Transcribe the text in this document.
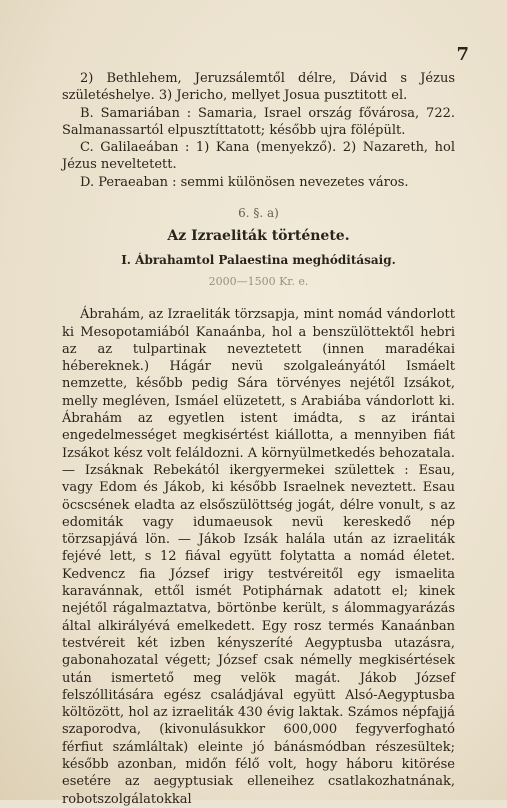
7

2) Bethlehem, Jeruzsálemtől délre, Dávid s Jézus születéshelye. 3) Jericho, mellyet Josua pusztitott el.

B. Samariában : Samaria, Israel ország fővárosa, 722. Salmanassartól elpusztíttatott; később ujra fölépült.

C. Galilaeában : 1) Kana (menyekző). 2) Nazareth, hol Jézus neveltetett.

D. Peraeaban : semmi különösen nevezetes város.

6. §. a)
Az Izraeliták története.
I. Ábrahamtol Palaestina meghóditásaig.
2000—1500 Kr. e.

Ábrahám, az Izraeliták törzsapja, mint nomád vándorlott ki Mesopotamiából Kanaánba, hol a benszülöttektől hebri az az tulpartinak neveztetett (innen maradékai hébereknek.) Hágár nevü szolgaleányától Ismáelt nemzette, később pedig Sára törvényes nejétől Izsákot, melly megléven, Ismáel elüzetett, s Arabiába vándorlott ki. Ábrahám az egyetlen istent imádta, s az irántai engedelmességet megkisértést kiállotta, a mennyiben fiát Izsákot kész volt feláldozni. A környülmetkedés behozatala. — Izsáknak Rebekától ikergyermekei születtek : Esau, vagy Edom és Jákob, ki később Israelnek neveztett. Esau öcscsének eladta az elsőszülöttség jogát, délre vonult, s az edomiták vagy idumaeusok nevü kereskedő nép törzsapjává lön. — Jákob Izsák halála után az izraeliták fejévé lett, s 12 fiával együtt folytatta a nomád életet. Kedvencz fia József irigy testvéreitől egy ismaelita karavánnak, ettől ismét Potiphárnak adatott el; kinek nejétől rágalmaztatva, börtönbe került, s álommagyarázás által alkirályévá emelkedett. Egy rosz termés Kanaánban testvéreit két izben kényszeríté Aegyptusba utazásra, gabonahozatal végett; József csak némelly megkisértések után ismertető meg velök magát. Jákob József felszóllitására egész családjával együtt Alsó-Aegyptusba költözött, hol az izraeliták 430 évig laktak. Számos népfajjá szaporodva, (kivonulásukkor 600,000 fegyverfogható férfiut számláltak) eleinte jó bánásmódban részesültek; később azonban, midőn félő volt, hogy háboru kitörése esetére az aegyptusiak elleneihez csatlakozhatnának, robotszolgálatokkal
